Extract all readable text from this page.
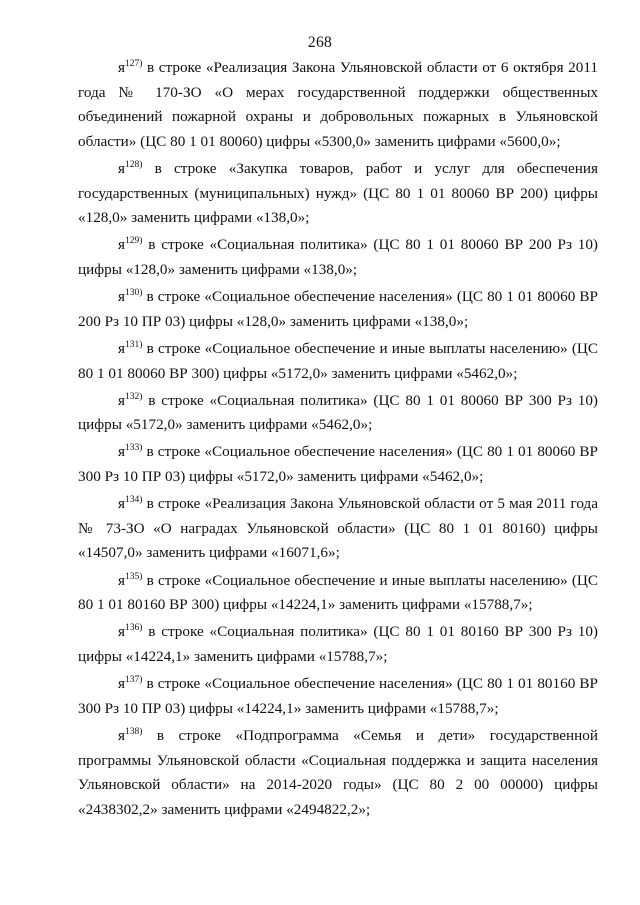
268

$я^{127)}$ в строке «Реализация Закона Ульяновской области от 6 октября 2011 года № 170-ЗО «О мерах государственной поддержки общественных объединений пожарной охраны и добровольных пожарных в Ульяновской области» (ЦС 80 1 01 80060) цифры «5300,0» заменить цифрами «5600,0»;

$я^{128)}$ в строке «Закупка товаров, работ и услуг для обеспечения государственных (муниципальных) нужд» (ЦС 80 1 01 80060 ВР 200) цифры «128,0» заменить цифрами «138,0»;

$я^{129)}$ в строке «Социальная политика» (ЦС 80 1 01 80060 ВР 200 Рз 10) цифры «128,0» заменить цифрами «138,0»;

$я^{130)}$ в строке «Социальное обеспечение населения» (ЦС 80 1 01 80060 ВР 200 Рз 10 ПР 03) цифры «128,0» заменить цифрами «138,0»;

$я^{131)}$ в строке «Социальное обеспечение и иные выплаты населению» (ЦС 80 1 01 80060 ВР 300) цифры «5172,0» заменить цифрами «5462,0»;

$я^{132)}$ в строке «Социальная политика» (ЦС 80 1 01 80060 ВР 300 Рз 10) цифры «5172,0» заменить цифрами «5462,0»;

$я^{133)}$ в строке «Социальное обеспечение населения» (ЦС 80 1 01 80060 ВР 300 Рз 10 ПР 03) цифры «5172,0» заменить цифрами «5462,0»;

$я^{134)}$ в строке «Реализация Закона Ульяновской области от 5 мая 2011 года № 73-ЗО «О наградах Ульяновской области» (ЦС 80 1 01 80160) цифры «14507,0» заменить цифрами «16071,6»;

$я^{135)}$ в строке «Социальное обеспечение и иные выплаты населению» (ЦС 80 1 01 80160 ВР 300) цифры «14224,1» заменить цифрами «15788,7»;

$я^{136)}$ в строке «Социальная политика» (ЦС 80 1 01 80160 ВР 300 Рз 10) цифры «14224,1» заменить цифрами «15788,7»;

$я^{137)}$ в строке «Социальное обеспечение населения» (ЦС 80 1 01 80160 ВР 300 Рз 10 ПР 03) цифры «14224,1» заменить цифрами «15788,7»;

$я^{138)}$ в строке «Подпрограмма «Семья и дети» государственной программы Ульяновской области «Социальная поддержка и защита населения Ульяновской области» на 2014-2020 годы» (ЦС 80 2 00 00000) цифры «2438302,2» заменить цифрами «2494822,2»;
